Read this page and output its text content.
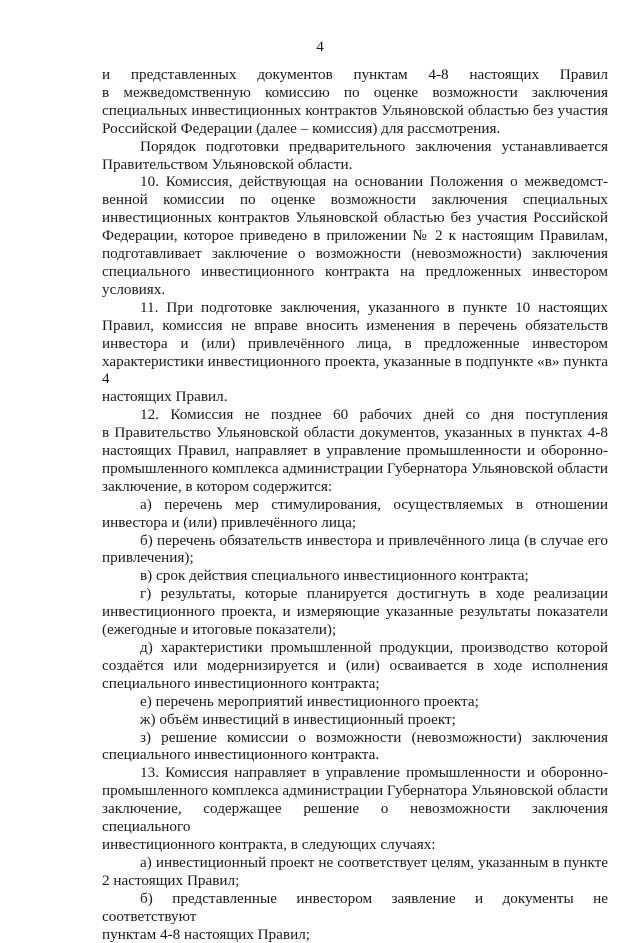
4
и представленных документов пунктам 4-8 настоящих Правил
в межведомственную комиссию по оценке возможности заключения
специальных инвестиционных контрактов Ульяновской областью без участия
Российской Федерации (далее – комиссия) для рассмотрения.
Порядок подготовки предварительного заключения устанавливается
Правительством Ульяновской области.
10. Комиссия, действующая на основании Положения о межведомст-
венной комиссии по оценке возможности заключения специальных
инвестиционных контрактов Ульяновской областью без участия Российской
Федерации, которое приведено в приложении № 2 к настоящим Правилам,
подготавливает заключение о возможности (невозможности) заключения
специального инвестиционного контракта на предложенных инвестором
условиях.
11. При подготовке заключения, указанного в пункте 10 настоящих
Правил, комиссия не вправе вносить изменения в перечень обязательств
инвестора и (или) привлечённого лица, в предложенные инвестором
характеристики инвестиционного проекта, указанные в подпункте «в» пункта 4
настоящих Правил.
12. Комиссия не позднее 60 рабочих дней со дня поступления
в Правительство Ульяновской области документов, указанных в пунктах 4-8
настоящих Правил, направляет в управление промышленности и оборонно-
промышленного комплекса администрации Губернатора Ульяновской области
заключение, в котором содержится:
а) перечень мер стимулирования, осуществляемых в отношении
инвестора и (или) привлечённого лица;
б) перечень обязательств инвестора и привлечённого лица (в случае его
привлечения);
в) срок действия специального инвестиционного контракта;
г) результаты, которые планируется достигнуть в ходе реализации
инвестиционного проекта, и измеряющие указанные результаты показатели
(ежегодные и итоговые показатели);
д) характеристики промышленной продукции, производство которой
создаётся или модернизируется и (или) осваивается в ходе исполнения
специального инвестиционного контракта;
е) перечень мероприятий инвестиционного проекта;
ж) объём инвестиций в инвестиционный проект;
з) решение комиссии о возможности (невозможности) заключения
специального инвестиционного контракта.
13. Комиссия направляет в управление промышленности и оборонно-
промышленного комплекса администрации Губернатора Ульяновской области
заключение, содержащее решение о невозможности заключения специального
инвестиционного контракта, в следующих случаях:
а) инвестиционный проект не соответствует целям, указанным в пункте
2 настоящих Правил;
б) представленные инвестором заявление и документы не соответствуют
пунктам 4-8 настоящих Правил;
